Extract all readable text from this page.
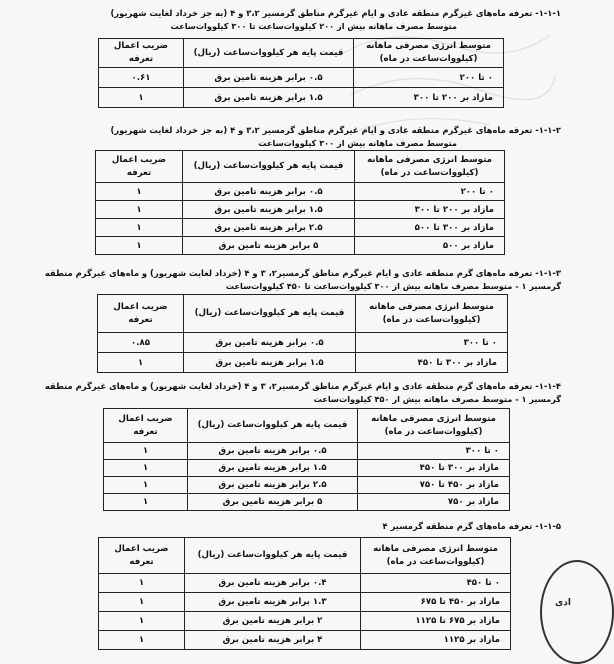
۱-۱-۱- تعرفه ماه‌های غیرگرم منطقه عادی و ایام غیرگرم مناطق گرمسیر ۳،۲ و ۴ (به جز خرداد لغایت شهریور)
متوسط مصرف ماهانه بیش از ۲۰۰ کیلووات‌ساعت تا ۳۰۰ کیلووات‌ساعت
متوسط انرژی مصرفی ماهانه (کیلووات‌ساعت در ماه)	قیمت پایه هر کیلووات‌ساعت (ریال)	ضریب اعمال تعرفه
۰ تا ۲۰۰	۰.۵ برابر هزینه تامین برق	۰.۶۱
مازاد بر ۲۰۰ تا ۳۰۰	۱.۵ برابر هزینه تامین برق	۱
۱-۱-۲- تعرفه ماه‌های غیرگرم منطقه عادی و ایام غیرگرم مناطق گرمسیر ۳،۲ و ۴ (به جز خرداد لغایت شهریور)
متوسط مصرف ماهانه بیش از ۳۰۰ کیلووات‌ساعت
متوسط انرژی مصرفی ماهانه (کیلووات‌ساعت در ماه)	قیمت پایه هر کیلووات‌ساعت (ریال)	ضریب اعمال تعرفه
۰ تا ۲۰۰	۰.۵ برابر هزینه تامین برق	۱
مازاد بر ۲۰۰ تا ۳۰۰	۱.۵ برابر هزینه تامین برق	۱
مازاد بر ۳۰۰ تا ۵۰۰	۲.۵ برابر هزینه تامین برق	۱
مازاد بر ۵۰۰	۵ برابر هزینه تامین برق	۱
۱-۱-۳- تعرفه ماه‌های گرم منطقه عادی و ایام غیرگرم مناطق گرمسیر۲، ۳ و ۴ (خرداد لغایت شهریور) و ماه‌های غیرگرم منطقه
گرمسیر ۱ - متوسط مصرف ماهانه بیش از ۳۰۰ کیلووات‌ساعت تا ۴۵۰ کیلووات‌ساعت
متوسط انرژی مصرفی ماهانه (کیلووات‌ساعت در ماه)	قیمت پایه هر کیلووات‌ساعت (ریال)	ضریب اعمال تعرفه
۰ تا ۳۰۰	۰.۵ برابر هزینه تامین برق	۰.۸۵
مازاد بر ۳۰۰ تا ۴۵۰	۱.۵ برابر هزینه تامین برق	۱
۱-۱-۴- تعرفه ماه‌های گرم منطقه عادی و ایام غیرگرم مناطق گرمسیر۲، ۳ و ۴ (خرداد لغایت شهریور) و ماه‌های غیرگرم منطقه
گرمسیر ۱ - متوسط مصرف ماهانه بیش از ۴۵۰ کیلووات‌ساعت
متوسط انرژی مصرفی ماهانه (کیلووات‌ساعت در ماه)	قیمت پایه هر کیلووات‌ساعت (ریال)	ضریب اعمال تعرفه
۰ تا ۳۰۰	۰.۵ برابر هزینه تامین برق	۱
مازاد بر ۳۰۰ تا ۴۵۰	۱.۵ برابر هزینه تامین برق	۱
مازاد بر ۴۵۰ تا ۷۵۰	۲.۵ برابر هزینه تامین برق	۱
مازاد بر ۷۵۰	۵ برابر هزینه تامین برق	۱
۱-۱-۵- تعرفه ماه‌های گرم منطقه گرمسیر ۴
متوسط انرژی مصرفی ماهانه (کیلووات‌ساعت در ماه)	قیمت پایه هر کیلووات‌ساعت (ریال)	ضریب اعمال تعرفه
۰ تا ۴۵۰	۰.۴ برابر هزینه تامین برق	۱
مازاد بر ۴۵۰ تا ۶۷۵	۱.۳ برابر هزینه تامین برق	۱
مازاد بر ۶۷۵ تا ۱۱۲۵	۲ برابر هزینه تامین برق	۱
مازاد بر ۱۱۲۵	۴ برابر هزینه تامین برق	۱
ادی
